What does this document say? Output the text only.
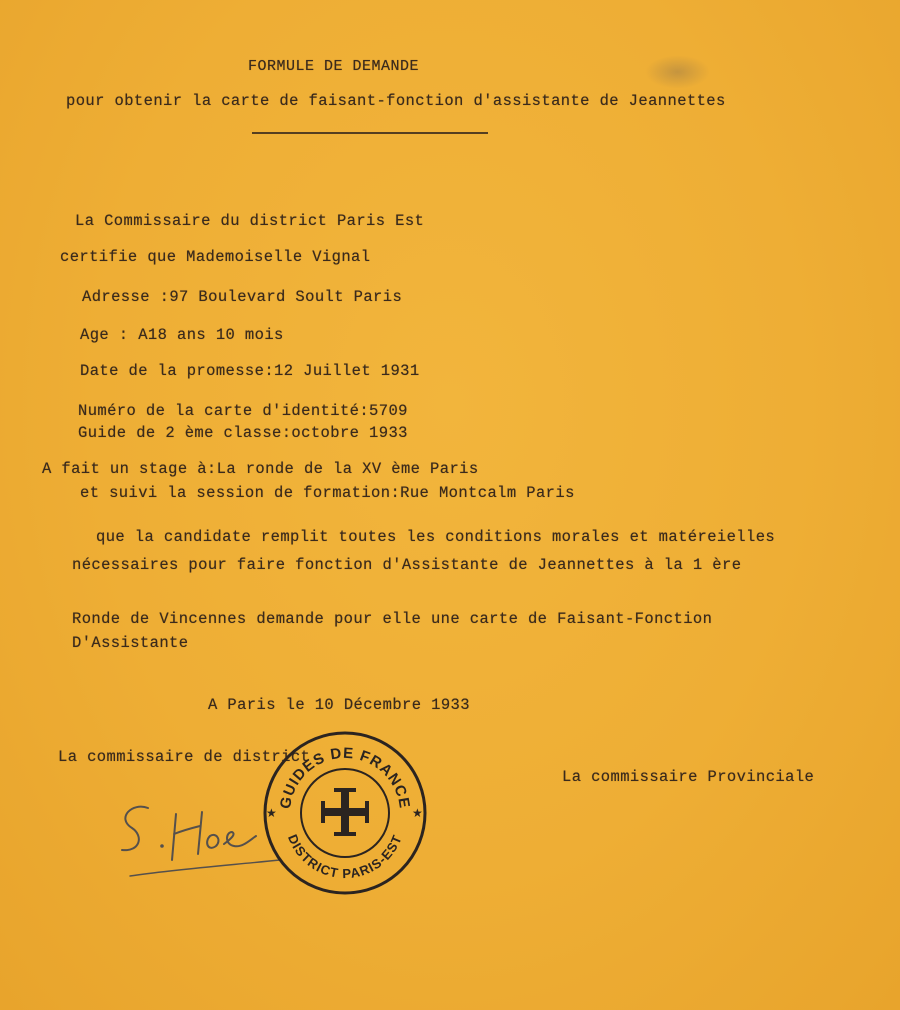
FORMULE DE DEMANDE
pour obtenir la carte de faisant-fonction d'assistante de Jeannettes
La Commissaire du district Paris Est
certifie que Mademoiselle Vignal
Adresse :97 Boulevard Soult Paris
Age : A18 ans 10 mois
Date de la promesse:12 Juillet 1931
Numéro de la carte d'identité:5709
Guide de 2 ème classe:octobre 1933
A fait un stage à:La ronde de la XV ème Paris
et suivi la session de formation:Rue Montcalm Paris
que la candidate remplit toutes les conditions morales et matéreielles
nécessaires pour faire fonction d'Assistante de Jeannettes à la 1 ère
Ronde de Vincennes demande pour elle une carte de Faisant-Fonction
D'Assistante
A Paris le 10 Décembre 1933
La commissaire de district
La commissaire Provinciale
GUIDES DE FRANCE
DISTRICT PARIS-EST
★	★
